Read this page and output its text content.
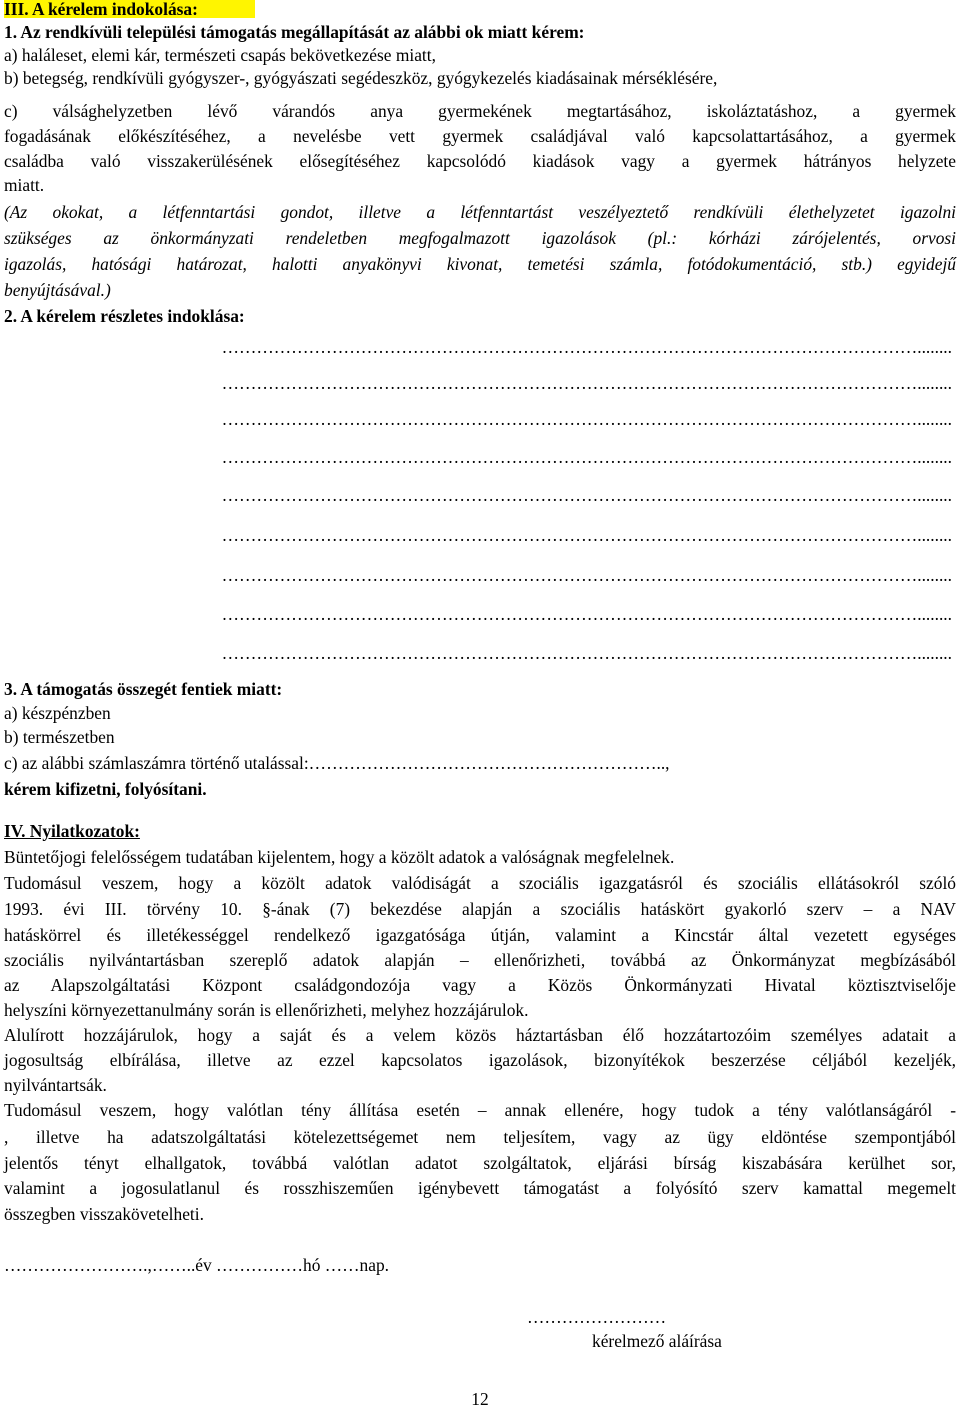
III. A kérelem indokolása:
1. Az rendkívüli települési támogatás megállapítását az alábbi ok miatt kérem:
a) haláleset, elemi kár, természeti csapás bekövetkezése miatt,
b) betegség, rendkívüli gyógyszer-, gyógyászati segédeszköz, gyógykezelés kiadásainak mérséklésére,
c) válsághelyzetben lévő várandós anya gyermekének megtartásához, iskoláztatáshoz, a gyermek
fogadásának előkészítéséhez, a nevelésbe vett gyermek családjával való kapcsolattartásához, a gyermek
családba való visszakerülésének elősegítéséhez kapcsolódó kiadások vagy a gyermek hátrányos helyzete
miatt.
(Az okokat, a létfenntartási gondot, illetve a létfenntartást veszélyeztető rendkívüli élethelyzetet igazolni
szükséges az önkormányzati rendeletben megfogalmazott igazolások (pl.: kórházi zárójelentés, orvosi
igazolás, hatósági határozat, halotti anyakönyvi kivonat, temetési számla, fotódokumentáció, stb.) egyidejű
benyújtásával.)
2. A kérelem részletes indoklása:
…………………………………………………………………………………………………………........
…………………………………………………………………………………………………………........
…………………………………………………………………………………………………………........
…………………………………………………………………………………………………………........
…………………………………………………………………………………………………………........
…………………………………………………………………………………………………………........
…………………………………………………………………………………………………………........
…………………………………………………………………………………………………………........
…………………………………………………………………………………………………………........
3. A támogatás összegét fentiek miatt:
a) készpénzben
b) természetben
c) az alábbi számlaszámra történő utalással:……………………………………………………..,
kérem kifizetni, folyósítani.
IV. Nyilatkozatok:
Büntetőjogi felelősségem tudatában kijelentem, hogy a közölt adatok a valóságnak megfelelnek.
Tudomásul veszem, hogy a közölt adatok valódiságát a szociális igazgatásról és szociális ellátásokról szóló
1993. évi III. törvény 10. §-ának (7) bekezdése alapján a szociális hatáskört gyakorló szerv – a NAV
hatáskörrel és illetékességgel rendelkező igazgatósága útján, valamint a Kincstár által vezetett egységes
szociális nyilvántartásban szereplő adatok alapján – ellenőrizheti, továbbá az Önkormányzat megbízásából
az Alapszolgáltatási Központ családgondozója vagy a Közös Önkormányzati Hivatal köztisztviselője
helyszíni környezettanulmány során is ellenőrizheti, melyhez hozzájárulok.
Alulírott hozzájárulok, hogy a saját és a velem közös háztartásban élő hozzátartozóim személyes adatait a
jogosultság elbírálása, illetve az ezzel kapcsolatos igazolások, bizonyítékok beszerzése céljából kezeljék,
nyilvántartsák.
Tudomásul veszem, hogy valótlan tény állítása esetén – annak ellenére, hogy tudok a tény valótlanságáról -
, illetve ha adatszolgáltatási kötelezettségemet nem teljesítem, vagy az ügy eldöntése szempontjából
jelentős tényt elhallgatok, továbbá valótlan adatot szolgáltatok, eljárási bírság kiszabására kerülhet sor,
valamint a jogosulatlanul és rosszhiszeműen igénybevett támogatást a folyósító szerv kamattal megemelt
összegben visszakövetelheti.
…………………….,……..év ……………hó ……nap.
……………………
kérelmező aláírása
12
